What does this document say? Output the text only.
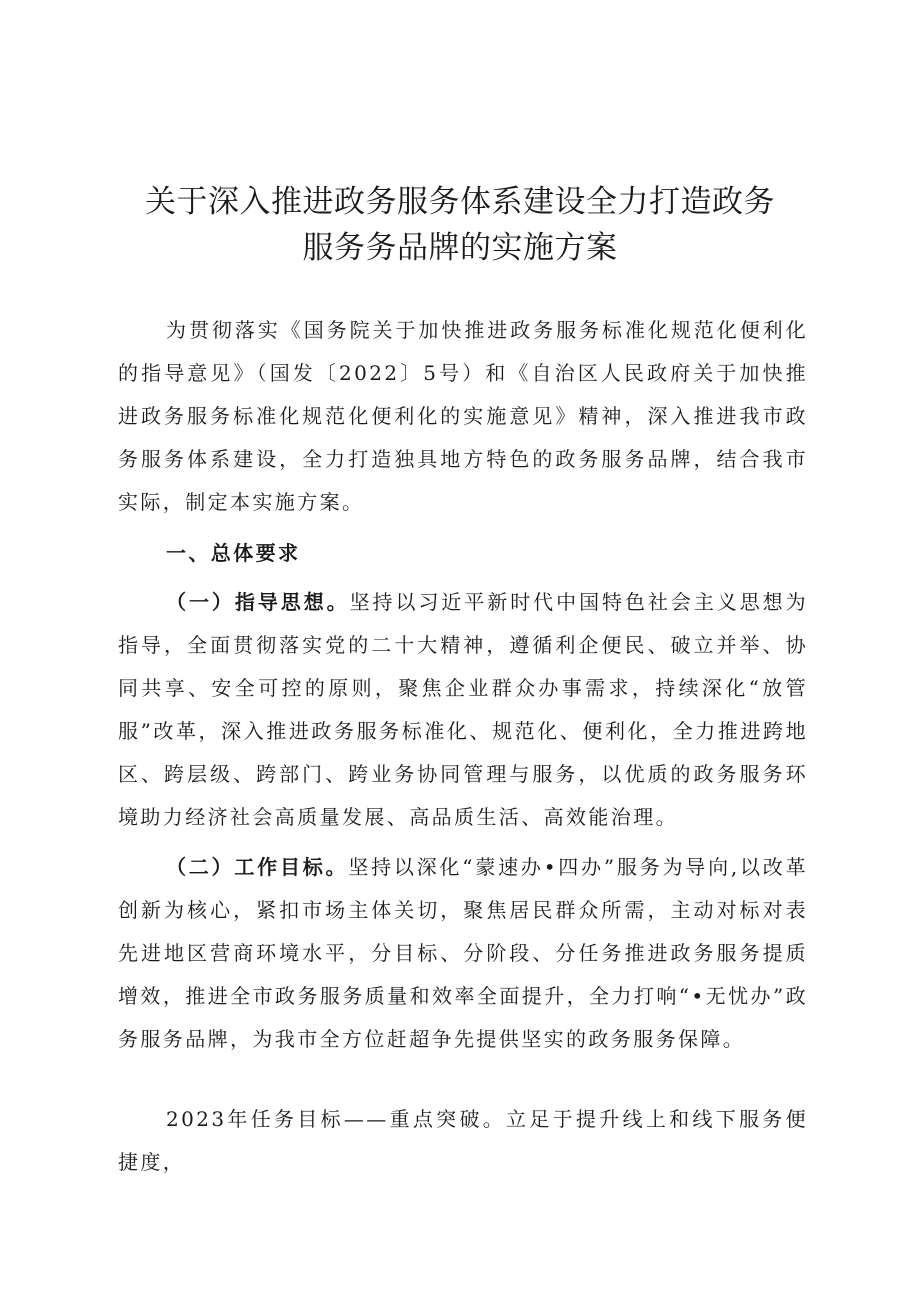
关于深入推进政务服务体系建设全力打造政务
服务务品牌的实施方案

为贯彻落实《国务院关于加快推进政务服务标准化规范化便利化的指导意见》（国发〔2022〕5号）和《自治区人民政府关于加快推进政务服务标准化规范化便利化的实施意见》精神，深入推进我市政务服务体系建设，全力打造独具地方特色的政务服务品牌，结合我市实际，制定本实施方案。

一、总体要求

（一）指导思想。坚持以习近平新时代中国特色社会主义思想为指导，全面贯彻落实党的二十大精神，遵循利企便民、破立并举、协同共享、安全可控的原则，聚焦企业群众办事需求，持续深化“放管服”改革，深入推进政务服务标准化、规范化、便利化，全力推进跨地区、跨层级、跨部门、跨业务协同管理与服务，以优质的政务服务环境助力经济社会高质量发展、高品质生活、高效能治理。

（二）工作目标。坚持以深化“蒙速办•四办”服务为导向,以改革创新为核心，紧扣市场主体关切，聚焦居民群众所需，主动对标对表先进地区营商环境水平，分目标、分阶段、分任务推进政务服务提质增效，推进全市政务服务质量和效率全面提升，全力打响“•无忧办”政务服务品牌，为我市全方位赶超争先提供坚实的政务服务保障。

2023年任务目标——重点突破。立足于提升线上和线下服务便捷度，
